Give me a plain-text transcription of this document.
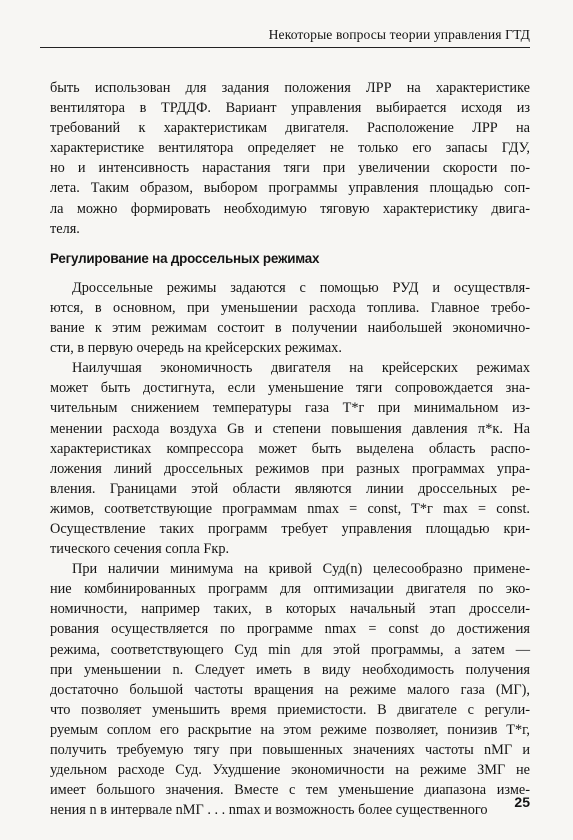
Некоторые вопросы теории управления ГТД
быть использован для задания положения ЛРР на характеристике
вентилятора в ТРДДФ. Вариант управления выбирается исходя из
требований к характеристикам двигателя. Расположение ЛРР на
характеристике вентилятора определяет не только его запасы ГДУ,
но и интенсивность нарастания тяги при увеличении скорости по-
лета. Таким образом, выбором программы управления площадью соп-
ла можно формировать необходимую тяговую характеристику двига-
теля.
Регулирование на дроссельных режимах
Дроссельные режимы задаются с помощью РУД и осуществля-
ются, в основном, при уменьшении расхода топлива. Главное требо-
вание к этим режимам состоит в получении наибольшей экономично-
сти, в первую очередь на крейсерских режимах.
Наилучшая экономичность двигателя на крейсерских режимах
может быть достигнута, если уменьшение тяги сопровождается зна-
чительным снижением температуры газа T*г при минимальном из-
менении расхода воздуха Gв и степени повышения давления π*к. На
характеристиках компрессора может быть выделена область распо-
ложения линий дроссельных режимов при разных программах упра-
вления. Границами этой области являются линии дроссельных ре-
жимов, соответствующие программам nmax = const, T*г max = const.
Осуществление таких программ требует управления площадью кри-
тического сечения сопла Fкр.
При наличии минимума на кривой Cуд(n) целесообразно примене-
ние комбинированных программ для оптимизации двигателя по эко-
номичности, например таких, в которых начальный этап дроссели-
рования осуществляется по программе nmax = const до достижения
режима, соответствующего Cуд min для этой программы, а затем —
при уменьшении n. Следует иметь в виду необходимость получения
достаточно большой частоты вращения на режиме малого газа (МГ),
что позволяет уменьшить время приемистости. В двигателе с регули-
руемым соплом его раскрытие на этом режиме позволяет, понизив T*г,
получить требуемую тягу при повышенных значениях частоты nМГ и
удельном расходе Cуд. Ухудшение экономичности на режиме ЗМГ не
имеет большого значения. Вместе с тем уменьшение диапазона изме-
нения n в интервале nМГ . . . nmax и возможность более существенного
25
